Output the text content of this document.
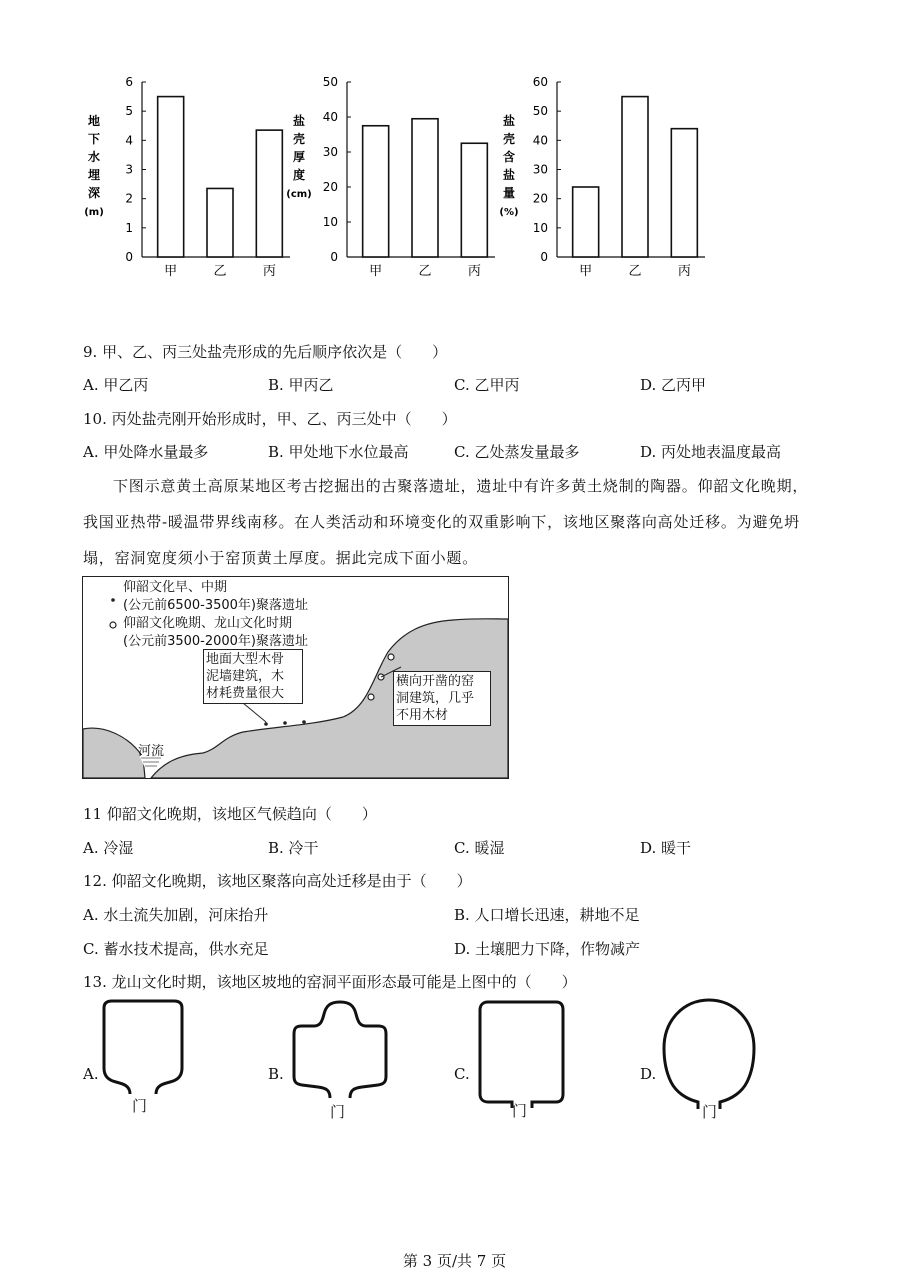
地
下
水
埋
深
(m)
0
1
2
3
4
5
6
甲	乙	丙
盐
壳
厚
度
(cm)
0
10
20
30
40
50
甲	乙	丙
盐
壳
含
盐
量
(%)
0
10
20
30
40
50
60
甲	乙	丙
9. 甲、乙、丙三处盐壳形成的先后顺序依次是（　　）
A. 甲乙丙	B. 甲丙乙	C. 乙甲丙	D. 乙丙甲
10. 丙处盐壳刚开始形成时，甲、乙、丙三处中（　　）
A. 甲处降水量最多	B. 甲处地下水位最高	C. 乙处蒸发量最多	D. 丙处地表温度最高
下图示意黄土高原某地区考古挖掘出的古聚落遗址，遗址中有许多黄土烧制的陶器。仰韶文化晚期，
我国亚热带-暖温带界线南移。在人类活动和环境变化的双重影响下，该地区聚落向高处迁移。为避免坍
塌，窑洞宽度须小于窑顶黄土厚度。据此完成下面小题。
仰韶文化早、中期
(公元前6500-3500年)聚落遗址
仰韶文化晚期、龙山文化时期
(公元前3500-2000年)聚落遗址
地面大型木骨
泥墙建筑，木
材耗费量很大
横向开凿的窑
洞建筑，几乎
不用木材
河流
11 仰韶文化晚期，该地区气候趋向（　　）
A. 冷湿	B. 冷干	C. 暖湿	D. 暖干
12. 仰韶文化晚期，该地区聚落向高处迁移是由于（　　）
A. 水土流失加剧，河床抬升	B. 人口增长迅速，耕地不足
C. 蓄水技术提高，供水充足	D. 土壤肥力下降，作物减产
13. 龙山文化时期，该地区坡地的窑洞平面形态最可能是上图中的（　　）
A.	B.	C.	D.
门	门	门	门
第 3 页/共 7 页
